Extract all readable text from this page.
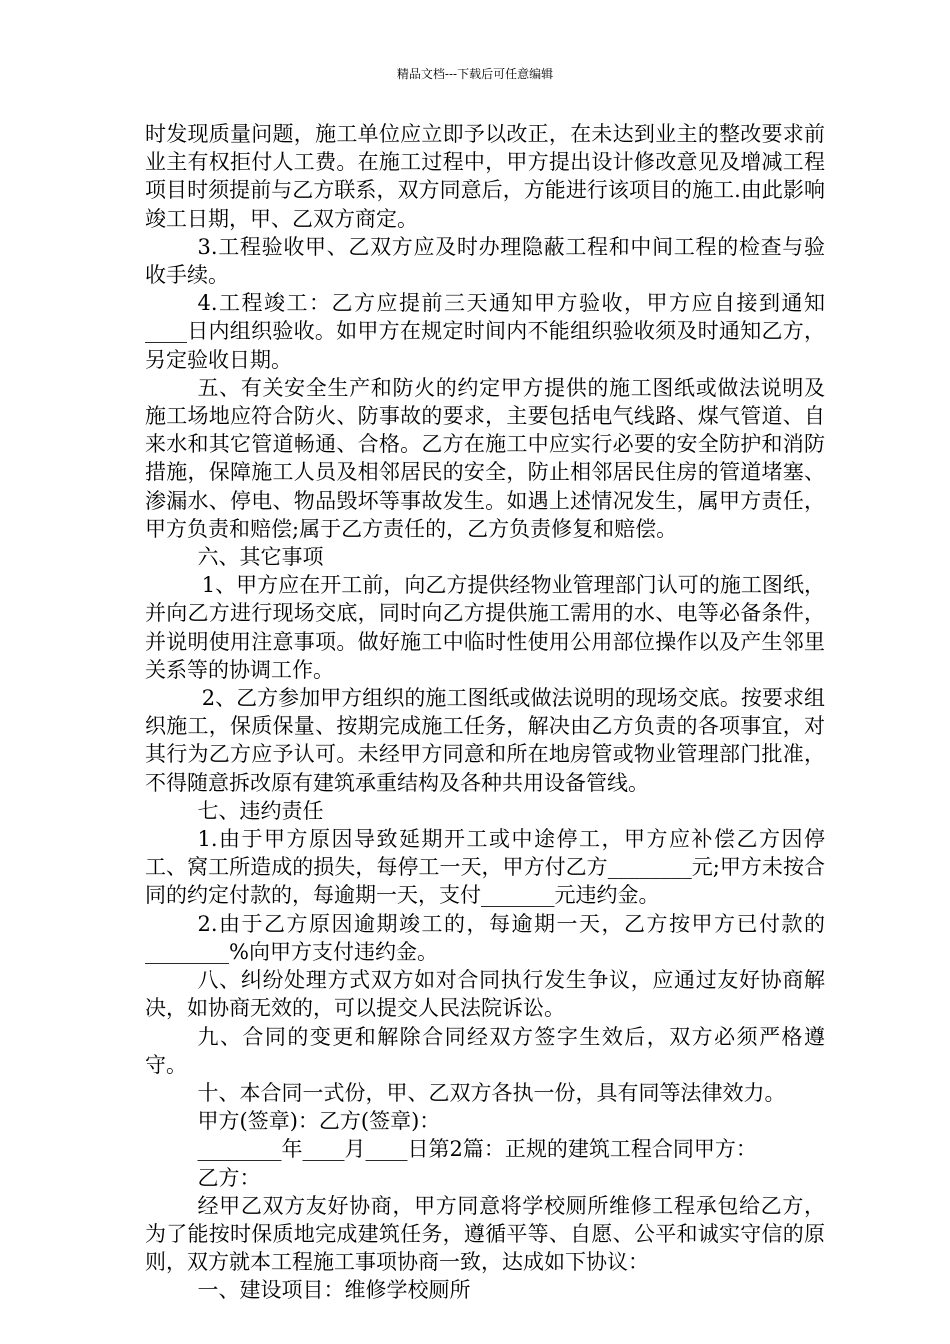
精品文档---下载后可任意编辑

时发现质量问题，施工单位应立即予以改正，在未达到业主的整改要求前业主有权拒付人工费。在施工过程中，甲方提出设计修改意见及增减工程项目时须提前与乙方联系，双方同意后，方能进行该项目的施工.由此影响竣工日期，甲、乙双方商定。

3.工程验收甲、乙双方应及时办理隐蔽工程和中间工程的检查与验收手续。

4.工程竣工：乙方应提前三天通知甲方验收，甲方应自接到通知____日内组织验收。如甲方在规定时间内不能组织验收须及时通知乙方，另定验收日期。

五、有关安全生产和防火的约定甲方提供的施工图纸或做法说明及施工场地应符合防火、防事故的要求，主要包括电气线路、煤气管道、自来水和其它管道畅通、合格。乙方在施工中应实行必要的安全防护和消防措施，保障施工人员及相邻居民的安全，防止相邻居民住房的管道堵塞、渗漏水、停电、物品毁坏等事故发生。如遇上述情况发生，属甲方责任，甲方负责和赔偿;属于乙方责任的，乙方负责修复和赔偿。

六、其它事项

1、甲方应在开工前，向乙方提供经物业管理部门认可的施工图纸，并向乙方进行现场交底，同时向乙方提供施工需用的水、电等必备条件，并说明使用注意事项。做好施工中临时性使用公用部位操作以及产生邻里关系等的协调工作。

2、乙方参加甲方组织的施工图纸或做法说明的现场交底。按要求组织施工，保质保量、按期完成施工任务，解决由乙方负责的各项事宜，对其行为乙方应予认可。未经甲方同意和所在地房管或物业管理部门批准，不得随意拆改原有建筑承重结构及各种共用设备管线。

七、违约责任

1.由于甲方原因导致延期开工或中途停工，甲方应补偿乙方因停工、窝工所造成的损失，每停工一天，甲方付乙方________元;甲方未按合同的约定付款的，每逾期一天，支付_______元违约金。

2.由于乙方原因逾期竣工的，每逾期一天，乙方按甲方已付款的________%向甲方支付违约金。

八、纠纷处理方式双方如对合同执行发生争议，应通过友好协商解决，如协商无效的，可以提交人民法院诉讼。

九、合同的变更和解除合同经双方签字生效后，双方必须严格遵守。

十、本合同一式份，甲、乙双方各执一份，具有同等法律效力。

甲方(签章)：乙方(签章)：

________年____月____日第2篇：正规的建筑工程合同甲方：

乙方：

经甲乙双方友好协商，甲方同意将学校厕所维修工程承包给乙方，为了能按时保质地完成建筑任务，遵循平等、自愿、公平和诚实守信的原则，双方就本工程施工事项协商一致，达成如下协议：

一、建设项目：维修学校厕所
